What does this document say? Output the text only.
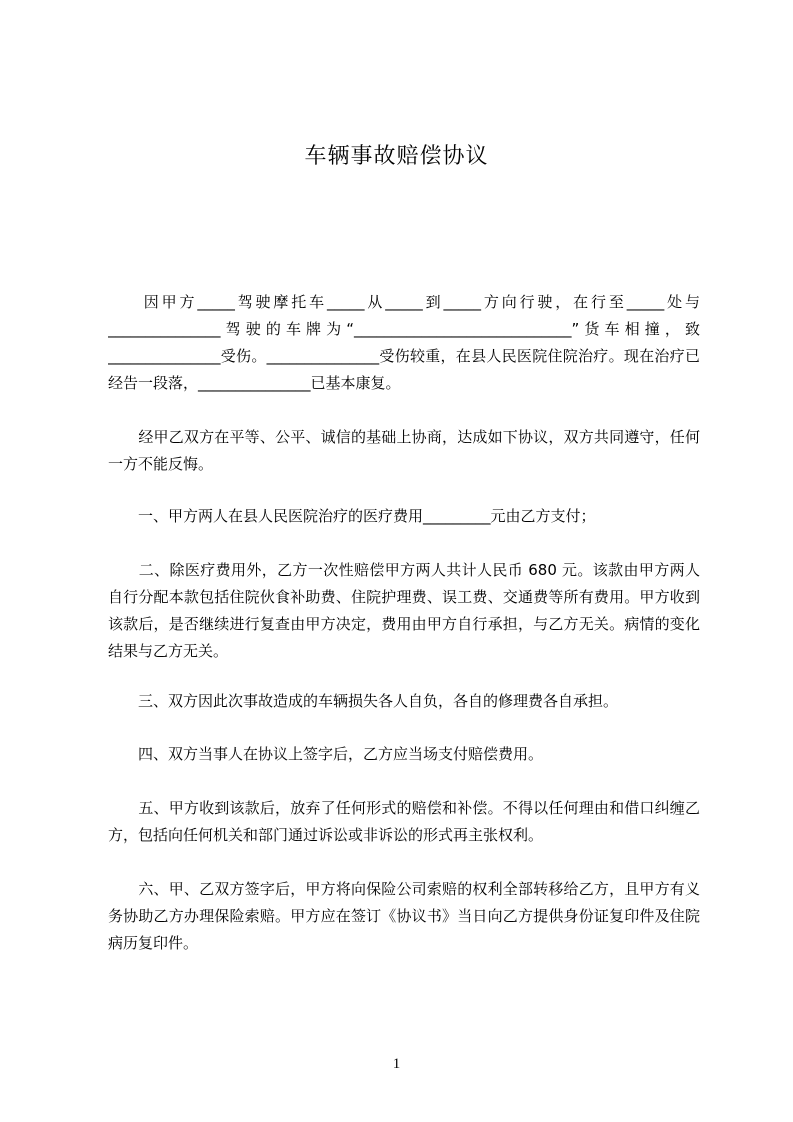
车辆事故赔偿协议

　　因甲方_____驾驶摩托车_____从_____到_____方向行驶，在行至_____处与_______________驾驶的车牌为“_____________________________”货车相撞，致_______________受伤。_______________受伤较重，在县人民医院住院治疗。现在治疗已经告一段落，_______________已基本康复。

　　经甲乙双方在平等、公平、诚信的基础上协商，达成如下协议，双方共同遵守，任何一方不能反悔。

　　一、甲方两人在县人民医院治疗的医疗费用_________元由乙方支付；

　　二、除医疗费用外，乙方一次性赔偿甲方两人共计人民币 680 元。该款由甲方两人自行分配本款包括住院伙食补助费、住院护理费、误工费、交通费等所有费用。甲方收到该款后，是否继续进行复查由甲方决定，费用由甲方自行承担，与乙方无关。病情的变化结果与乙方无关。

　　三、双方因此次事故造成的车辆损失各人自负，各自的修理费各自承担。

　　四、双方当事人在协议上签字后，乙方应当场支付赔偿费用。

　　五、甲方收到该款后，放弃了任何形式的赔偿和补偿。不得以任何理由和借口纠缠乙方，包括向任何机关和部门通过诉讼或非诉讼的形式再主张权利。

　　六、甲、乙双方签字后，甲方将向保险公司索赔的权利全部转移给乙方，且甲方有义务协助乙方办理保险索赔。甲方应在签订《协议书》当日向乙方提供身份证复印件及住院病历复印件。

1
